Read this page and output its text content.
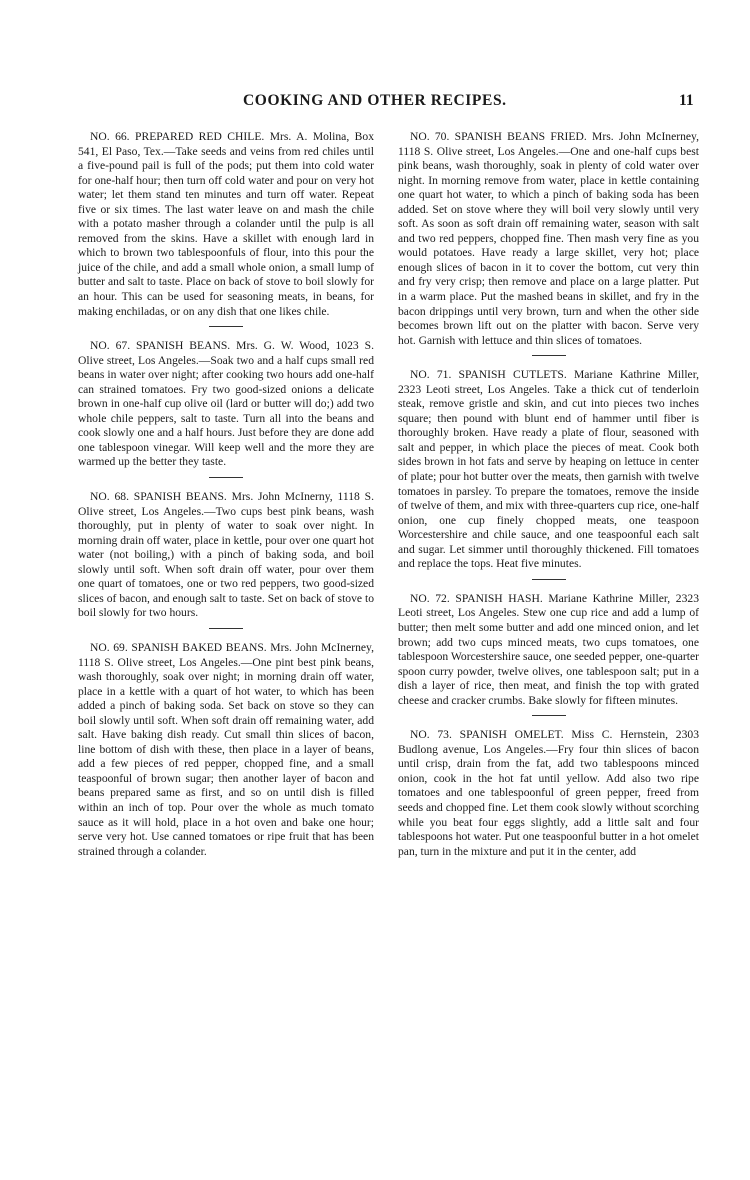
COOKING AND OTHER RECIPES.	11

NO. 66. PREPARED RED CHILE. Mrs. A. Molina, Box 541, El Paso, Tex.—Take seeds and veins from red chiles until a five-pound pail is full of the pods; put them into cold water for one-half hour; then turn off cold water and pour on very hot water; let them stand ten minutes and turn off water. Repeat five or six times. The last water leave on and mash the chile with a potato masher through a colander until the pulp is all removed from the skins. Have a skillet with enough lard in which to brown two tablespoonfuls of flour, into this pour the juice of the chile, and add a small whole onion, a small lump of butter and salt to taste. Place on back of stove to boil slowly for an hour. This can be used for seasoning meats, in beans, for making enchiladas, or on any dish that one likes chile.

NO. 67. SPANISH BEANS. Mrs. G. W. Wood, 1023 S. Olive street, Los Angeles.—Soak two and a half cups small red beans in water over night; after cooking two hours add one-half can strained tomatoes. Fry two good-sized onions a delicate brown in one-half cup olive oil (lard or butter will do;) add two whole chile peppers, salt to taste. Turn all into the beans and cook slowly one and a half hours. Just before they are done add one tablespoon vinegar. Will keep well and the more they are warmed up the better they taste.

NO. 68. SPANISH BEANS. Mrs. John McInerny, 1118 S. Olive street, Los Angeles.—Two cups best pink beans, wash thoroughly, put in plenty of water to soak over night. In morning drain off water, place in kettle, pour over one quart hot water (not boiling,) with a pinch of baking soda, and boil slowly until soft. When soft drain off water, pour over them one quart of tomatoes, one or two red peppers, two good-sized slices of bacon, and enough salt to taste. Set on back of stove to boil slowly for two hours.

NO. 69. SPANISH BAKED BEANS. Mrs. John McInerney, 1118 S. Olive street, Los Angeles.—One pint best pink beans, wash thoroughly, soak over night; in morning drain off water, place in a kettle with a quart of hot water, to which has been added a pinch of baking soda. Set back on stove so they can boil slowly until soft. When soft drain off remaining water, add salt. Have baking dish ready. Cut small thin slices of bacon, line bottom of dish with these, then place in a layer of beans, add a few pieces of red pepper, chopped fine, and a small teaspoonful of brown sugar; then another layer of bacon and beans prepared same as first, and so on until dish is filled within an inch of top. Pour over the whole as much tomato sauce as it will hold, place in a hot oven and bake one hour; serve very hot. Use canned tomatoes or ripe fruit that has been strained through a colander.

NO. 70. SPANISH BEANS FRIED. Mrs. John McInerney, 1118 S. Olive street, Los Angeles.—One and one-half cups best pink beans, wash thoroughly, soak in plenty of cold water over night. In morning remove from water, place in kettle containing one quart hot water, to which a pinch of baking soda has been added. Set on stove where they will boil very slowly until very soft. As soon as soft drain off remaining water, season with salt and two red peppers, chopped fine. Then mash very fine as you would potatoes. Have ready a large skillet, very hot; place enough slices of bacon in it to cover the bottom, cut very thin and fry very crisp; then remove and place on a large platter. Put in a warm place. Put the mashed beans in skillet, and fry in the bacon drippings until very brown, turn and when the other side becomes brown lift out on the platter with bacon. Serve very hot. Garnish with lettuce and thin slices of tomatoes.

NO. 71. SPANISH CUTLETS. Mariane Kathrine Miller, 2323 Leoti street, Los Angeles. Take a thick cut of tenderloin steak, remove gristle and skin, and cut into pieces two inches square; then pound with blunt end of hammer until fiber is thoroughly broken. Have ready a plate of flour, seasoned with salt and pepper, in which place the pieces of meat. Cook both sides brown in hot fats and serve by heaping on lettuce in center of plate; pour hot butter over the meats, then garnish with twelve tomatoes in parsley. To prepare the tomatoes, remove the inside of twelve of them, and mix with three-quarters cup rice, one-half onion, one cup finely chopped meats, one teaspoon Worcestershire and chile sauce, and one teaspoonful each salt and sugar. Let simmer until thoroughly thickened. Fill tomatoes and replace the tops. Heat five minutes.

NO. 72. SPANISH HASH. Mariane Kathrine Miller, 2323 Leoti street, Los Angeles. Stew one cup rice and add a lump of butter; then melt some butter and add one minced onion, and let brown; add two cups minced meats, two cups tomatoes, one tablespoon Worcestershire sauce, one seeded pepper, one-quarter spoon curry powder, twelve olives, one tablespoon salt; put in a dish a layer of rice, then meat, and finish the top with grated cheese and cracker crumbs. Bake slowly for fifteen minutes.

NO. 73. SPANISH OMELET. Miss C. Hernstein, 2303 Budlong avenue, Los Angeles.—Fry four thin slices of bacon until crisp, drain from the fat, add two tablespoons minced onion, cook in the hot fat until yellow. Add also two ripe tomatoes and one tablespoonful of green pepper, freed from seeds and chopped fine. Let them cook slowly without scorching while you beat four eggs slightly, add a little salt and four tablespoons hot water. Put one teaspoonful butter in a hot omelet pan, turn in the mixture and put it in the center, add
